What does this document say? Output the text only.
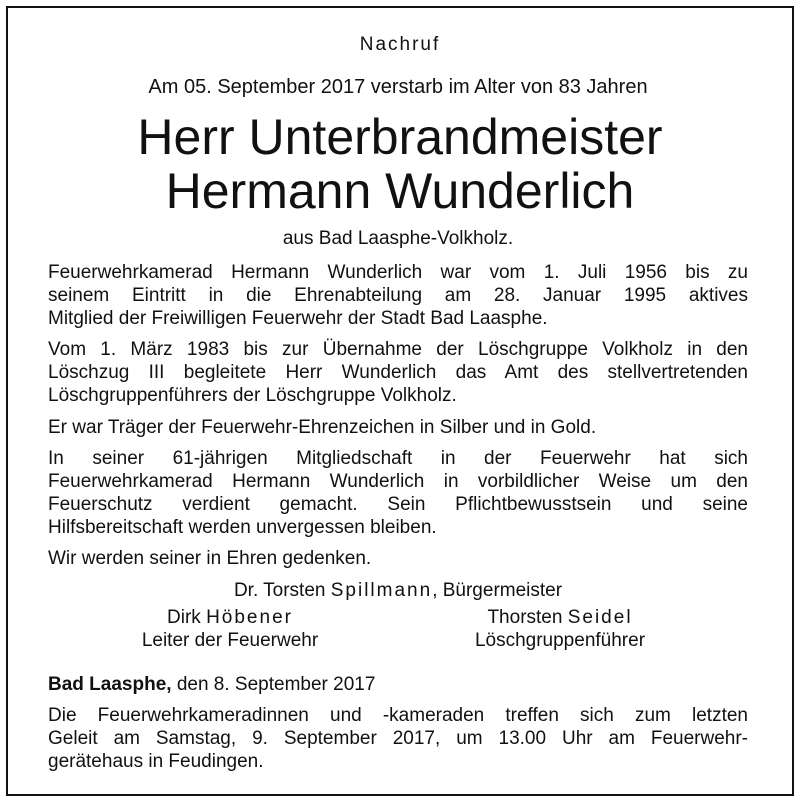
Nachruf
Am 05. September 2017 verstarb im Alter von 83 Jahren
Herr Unterbrandmeister
Hermann Wunderlich
aus Bad Laasphe-Volkholz.
Feuerwehrkamerad Hermann Wunderlich war vom 1. Juli 1956 bis zu
seinem Eintritt in die Ehrenabteilung am 28. Januar 1995 aktives
Mitglied der Freiwilligen Feuerwehr der Stadt Bad Laasphe.
Vom 1. März 1983 bis zur Übernahme der Löschgruppe Volkholz in den
Löschzug III begleitete Herr Wunderlich das Amt des stellvertretenden
Löschgruppenführers der Löschgruppe Volkholz.
Er war Träger der Feuerwehr-Ehrenzeichen in Silber und in Gold.
In seiner 61-jährigen Mitgliedschaft in der Feuerwehr hat sich
Feuerwehrkamerad Hermann Wunderlich in vorbildlicher Weise um den
Feuerschutz verdient gemacht. Sein Pflichtbewusstsein und seine
Hilfsbereitschaft werden unvergessen bleiben.
Wir werden seiner in Ehren gedenken.
Dr. Torsten Spillmann, Bürgermeister
Dirk Höbener
Leiter der Feuerwehr
Thorsten Seidel
Löschgruppenführer
Bad Laasphe, den 8. September 2017
Die Feuerwehrkameradinnen und -kameraden treffen sich zum letzten
Geleit am Samstag, 9. September 2017, um 13.00 Uhr am Feuerwehr-
gerätehaus in Feudingen.
